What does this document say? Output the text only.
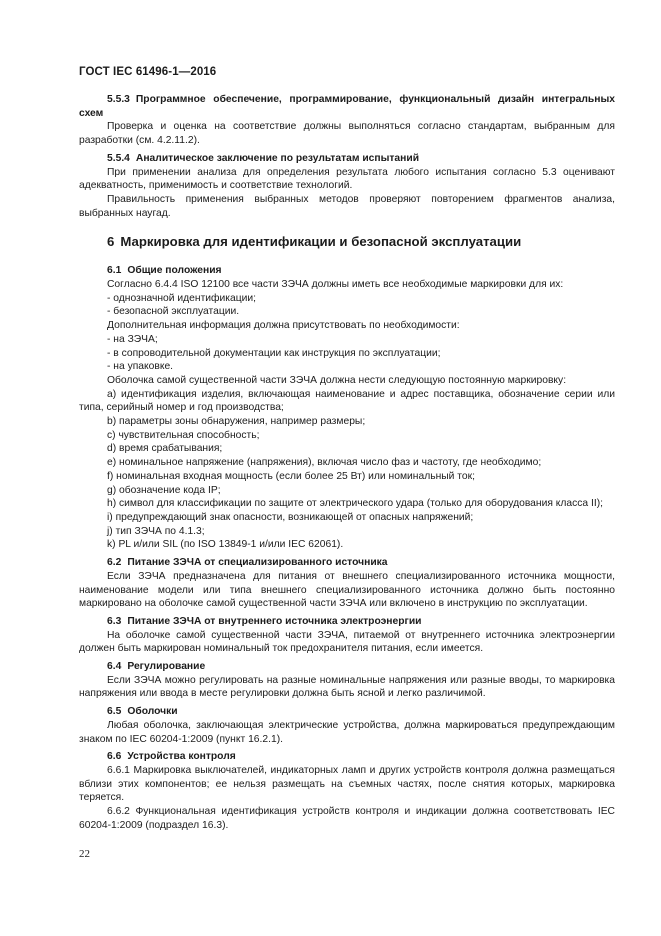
ГОСТ IEC 61496-1—2016

5.5.3 Программное обеспечение, программирование, функциональный дизайн интегральных схем

Проверка и оценка на соответствие должны выполняться согласно стандартам, выбранным для разработки (см. 4.2.11.2).

5.5.4 Аналитическое заключение по результатам испытаний

При применении анализа для определения результата любого испытания согласно 5.3 оценивают адекватность, применимость и соответствие технологий.

Правильность применения выбранных методов проверяют повторением фрагментов анализа, выбранных наугад.

6 Маркировка для идентификации и безопасной эксплуатации

6.1 Общие положения

Согласно 6.4.4 ISO 12100 все части ЗЭЧА должны иметь все необходимые маркировки для их:

- однозначной идентификации;

- безопасной эксплуатации.

Дополнительная информация должна присутствовать по необходимости:

- на ЗЭЧА;

- в сопроводительной документации как инструкция по эксплуатации;

- на упаковке.

Оболочка самой существенной части ЗЭЧА должна нести следующую постоянную маркировку:

a) идентификация изделия, включающая наименование и адрес поставщика, обозначение серии или типа, серийный номер и год производства;

b) параметры зоны обнаружения, например размеры;

c) чувствительная способность;

d) время срабатывания;

e) номинальное напряжение (напряжения), включая число фаз и частоту, где необходимо;

f) номинальная входная мощность (если более 25 Вт) или номинальный ток;

g) обозначение кода IP;

h) символ для классификации по защите от электрического удара (только для оборудования класса II);

i) предупреждающий знак опасности, возникающей от опасных напряжений;

j) тип ЗЭЧА по 4.1.3;

k) PL и/или SIL (по ISO 13849-1 и/или IEC 62061).

6.2 Питание ЗЭЧА от специализированного источника

Если ЗЭЧА предназначена для питания от внешнего специализированного источника мощности, наименование модели или типа внешнего специализированного источника должно быть постоянно маркировано на оболочке самой существенной части ЗЭЧА или включено в инструкцию по эксплуатации.

6.3 Питание ЗЭЧА от внутреннего источника электроэнергии

На оболочке самой существенной части ЗЭЧА, питаемой от внутреннего источника электроэнергии должен быть маркирован номинальный ток предохранителя питания, если имеется.

6.4 Регулирование

Если ЗЭЧА можно регулировать на разные номинальные напряжения или разные вводы, то маркировка напряжения или ввода в месте регулировки должна быть ясной и легко различимой.

6.5 Оболочки

Любая оболочка, заключающая электрические устройства, должна маркироваться предупреждающим знаком по IEC 60204-1:2009 (пункт 16.2.1).

6.6 Устройства контроля

6.6.1 Маркировка выключателей, индикаторных ламп и других устройств контроля должна размещаться вблизи этих компонентов; ее нельзя размещать на съемных частях, после снятия которых, маркировка теряется.

6.6.2 Функциональная идентификация устройств контроля и индикации должна соответствовать IEC 60204-1:2009 (подраздел 16.3).

22
